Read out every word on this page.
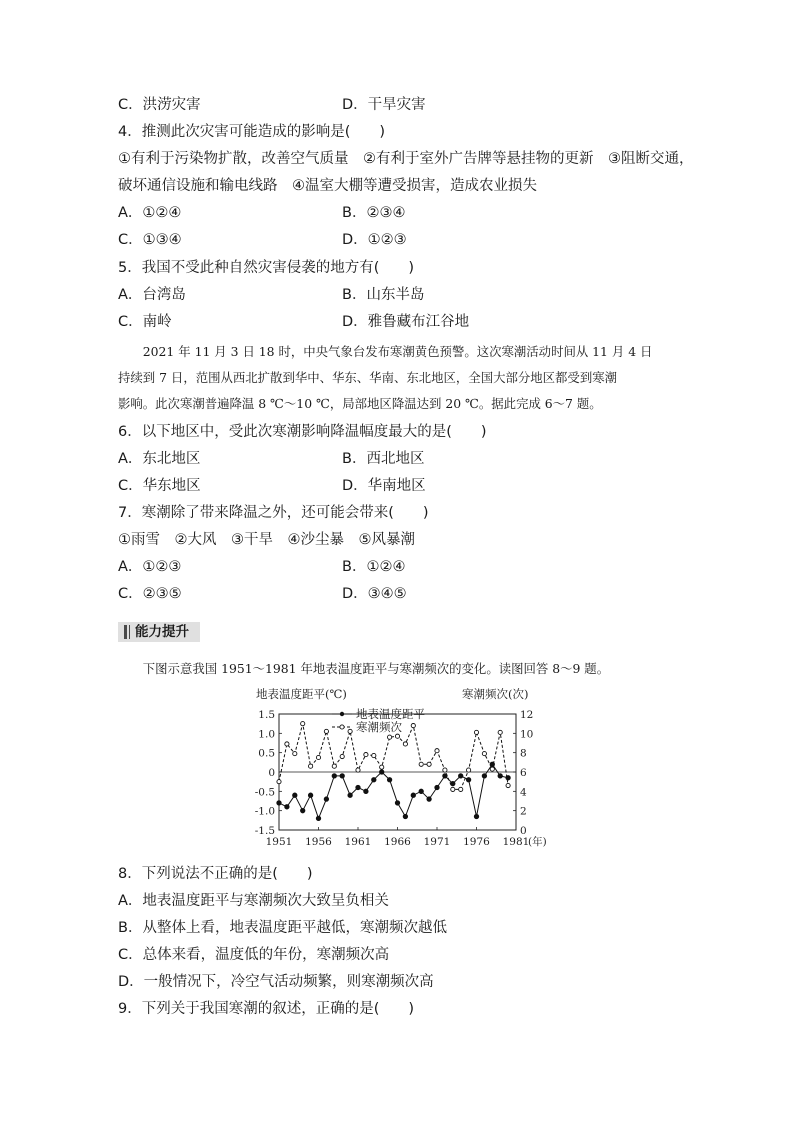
C．洪涝灾害	D．干旱灾害
4．推测此次灾害可能造成的影响是(　　)
①有利于污染物扩散，改善空气质量　②有利于室外广告牌等悬挂物的更新　③阻断交通，
破坏通信设施和输电线路　④温室大棚等遭受损害，造成农业损失
A．①②④	B．②③④
C．①③④	D．①②③
5．我国不受此种自然灾害侵袭的地方有(　　)
A．台湾岛	B．山东半岛
C．南岭	D．雅鲁藏布江谷地
　　2021 年 11 月 3 日 18 时，中央气象台发布寒潮黄色预警。这次寒潮活动时间从 11 月 4 日
持续到 7 日，范围从西北扩散到华中、华东、华南、东北地区，全国大部分地区都受到寒潮
影响。此次寒潮普遍降温 8 ℃～10 ℃，局部地区降温达到 20 ℃。据此完成 6～7 题。
6．以下地区中，受此次寒潮影响降温幅度最大的是(　　)
A．东北地区	B．西北地区
C．华东地区	D．华南地区
7．寒潮除了带来降温之外，还可能会带来(　　)
①雨雪　②大风　③干旱　④沙尘暴　⑤风暴潮
A．①②③	B．①②④
C．②③⑤	D．③④⑤
能力提升
　　下图示意我国 1951～1981 年地表温度距平与寒潮频次的变化。读图回答 8～9 题。
地表温度距平(℃)	寒潮频次(次)
1.5
1.0
0.5
0
-0.5
-1.0
-1.5
12
10
8
6
4
2
0
1951 1956 1961 1966 1971 1976 1981
(年)
地表温度距平
寒潮频次
8．下列说法不正确的是(　　)
A．地表温度距平与寒潮频次大致呈负相关
B．从整体上看，地表温度距平越低，寒潮频次越低
C．总体来看，温度低的年份，寒潮频次高
D．一般情况下，冷空气活动频繁，则寒潮频次高
9．下列关于我国寒潮的叙述，正确的是(　　)
